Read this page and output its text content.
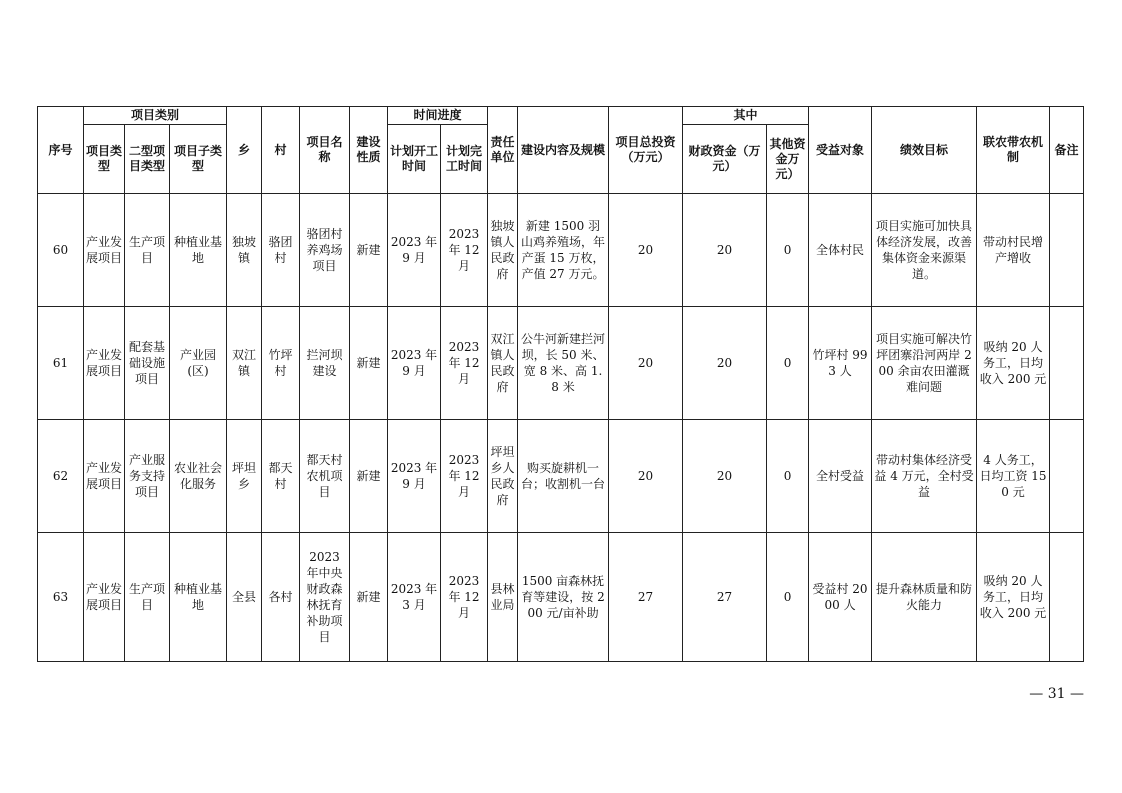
序号	项目类别			乡	村	项目名称	建设性质	时间进度		责任单位	建设内容及规模	项目总投资（万元）	其中		受益对象	绩效目标	联农带农机制	备注
	项目类型	二型项目类型	项目子类型					计划开工时间	计划完工时间				财政资金（万元）	其他资金万元）				
60	产业发展项目	生产项目	种植业基地	独坡镇	骆团村	骆团村养鸡场项目	新建	2023 年9 月	2023 年 12 月	独坡镇人民政府	新建 1500 羽山鸡养殖场，年产蛋 15 万枚，产值 27 万元。	20	20	0	全体村民	项目实施可加快具体经济发展，改善集体资金来源渠道。	带动村民增产增收	
61	产业发展项目	配套基础设施项目	产业园(区)	双江镇	竹坪村	拦河坝建设	新建	2023 年9 月	2023 年 12 月	双江镇人民政府	公牛河新建拦河坝，长 50 米、宽 8 米、高 1.8 米	20	20	0	竹坪村 993 人	项目实施可解决竹坪团寨沿河两岸 200 余亩农田灌溉难问题	吸纳 20 人务工，日均收入 200 元	
62	产业发展项目	产业服务支持项目	农业社会化服务	坪坦乡	都天村	都天村农机项目	新建	2023 年9 月	2023 年 12 月	坪坦乡人民政府	购买旋耕机一台；收割机一台	20	20	0	全村受益	带动村集体经济受益 4 万元，全村受益	4 人务工，日均工资 150 元	
63	产业发展项目	生产项目	种植业基地	全县	各村	2023 年中央财政森林抚育补助项目	新建	2023 年3 月	2023 年 12 月	县林业局	1500 亩森林抚育等建设，按 200 元/亩补助	27	27	0	受益村 2000 人	提升森林质量和防火能力	吸纳 20 人务工，日均收入 200 元	
— 31 —
